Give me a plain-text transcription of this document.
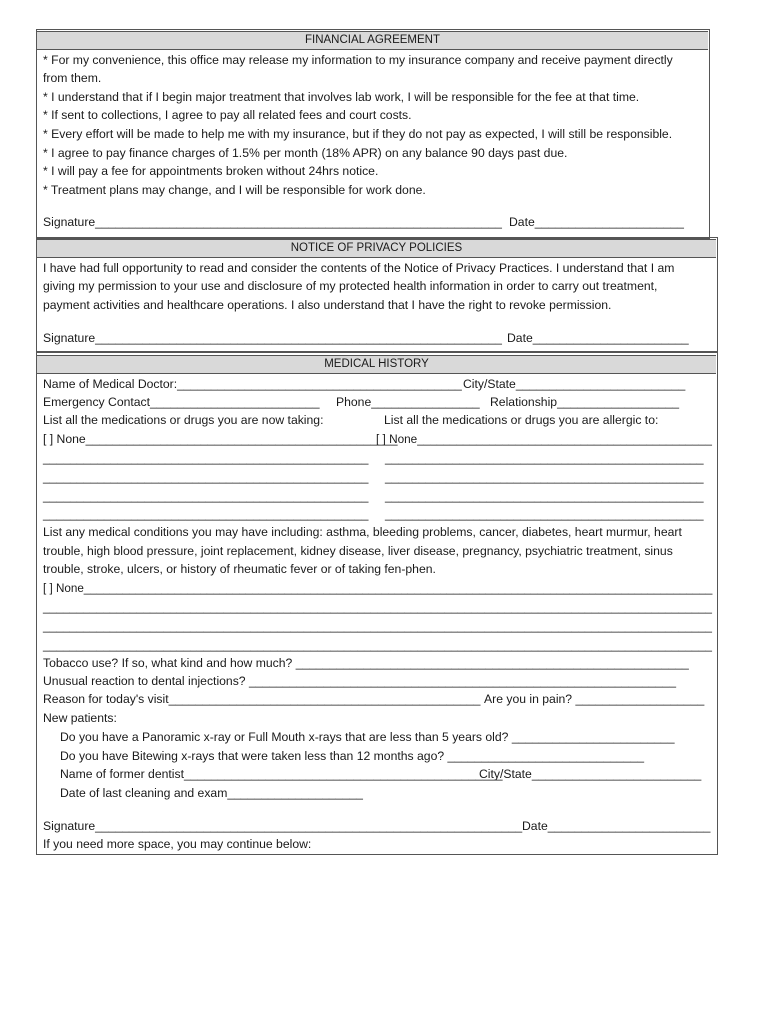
FINANCIAL AGREEMENT
* For my convenience, this office may release my information to my insurance company and receive payment directly
from them.
* I understand that if I begin major treatment that involves lab work, I will be responsible for the fee at that time.
* If sent to collections, I agree to pay all related fees and court costs.
* Every effort will be made to help me with my insurance, but if they do not pay as expected, I will still be responsible.
* I agree to pay finance charges of 1.5% per month (18% APR) on any balance 90 days past due.
* I will pay a fee for appointments broken without 24hrs notice.
* Treatment plans may change, and I will be responsible for work done.
Signature____________________________________________________________ Date______________________
NOTICE OF PRIVACY POLICIES
I have had full opportunity to read and consider the contents of the Notice of Privacy Practices. I understand that I am
giving my permission to your use and disclosure of my protected health information in order to carry out treatment,
payment activities and healthcare operations. I also understand that I have the right to revoke permission.
Signature____________________________________________________________ Date_______________________
MEDICAL HISTORY
Name of Medical Doctor:__________________________________________ City/State_________________________
Emergency Contact_________________________ Phone________________ Relationship__________________
List all the medications or drugs you are now taking:	List all the medications or drugs you are allergic to:
[ ] None______________________________________________
[ ] None_____________________________________________
________________________________________________ _______________________________________________
________________________________________________ _______________________________________________
________________________________________________ _______________________________________________
________________________________________________ _______________________________________________
List any medical conditions you may have including: asthma, bleeding problems, cancer, diabetes, heart murmur, heart
trouble, high blood pressure, joint replacement, kidney disease, liver disease, pregnancy, psychiatric treatment, sinus
trouble, stroke, ulcers, or history of rheumatic fever or of taking fen-phen.
[ ] None_________________________________________________________________________________________________
____________________________________________________________________________________________________
____________________________________________________________________________________________________
____________________________________________________________________________________________________
Tobacco use? If so, what kind and how much? __________________________________________________________
Unusual reaction to dental injections? _______________________________________________________________
Reason for today's visit______________________________________________ Are you in pain? ___________________
New patients:
Do you have a Panoramic x-ray or Full Mouth x-rays that are less than 5 years old? ________________________
Do you have Bitewing x-rays that were taken less than 12 months ago? _____________________________
Name of former dentist_______________________________________________
City/State_________________________
Date of last cleaning and exam____________________
Signature_______________________________________________________________ Date________________________
If you need more space, you may continue below:
